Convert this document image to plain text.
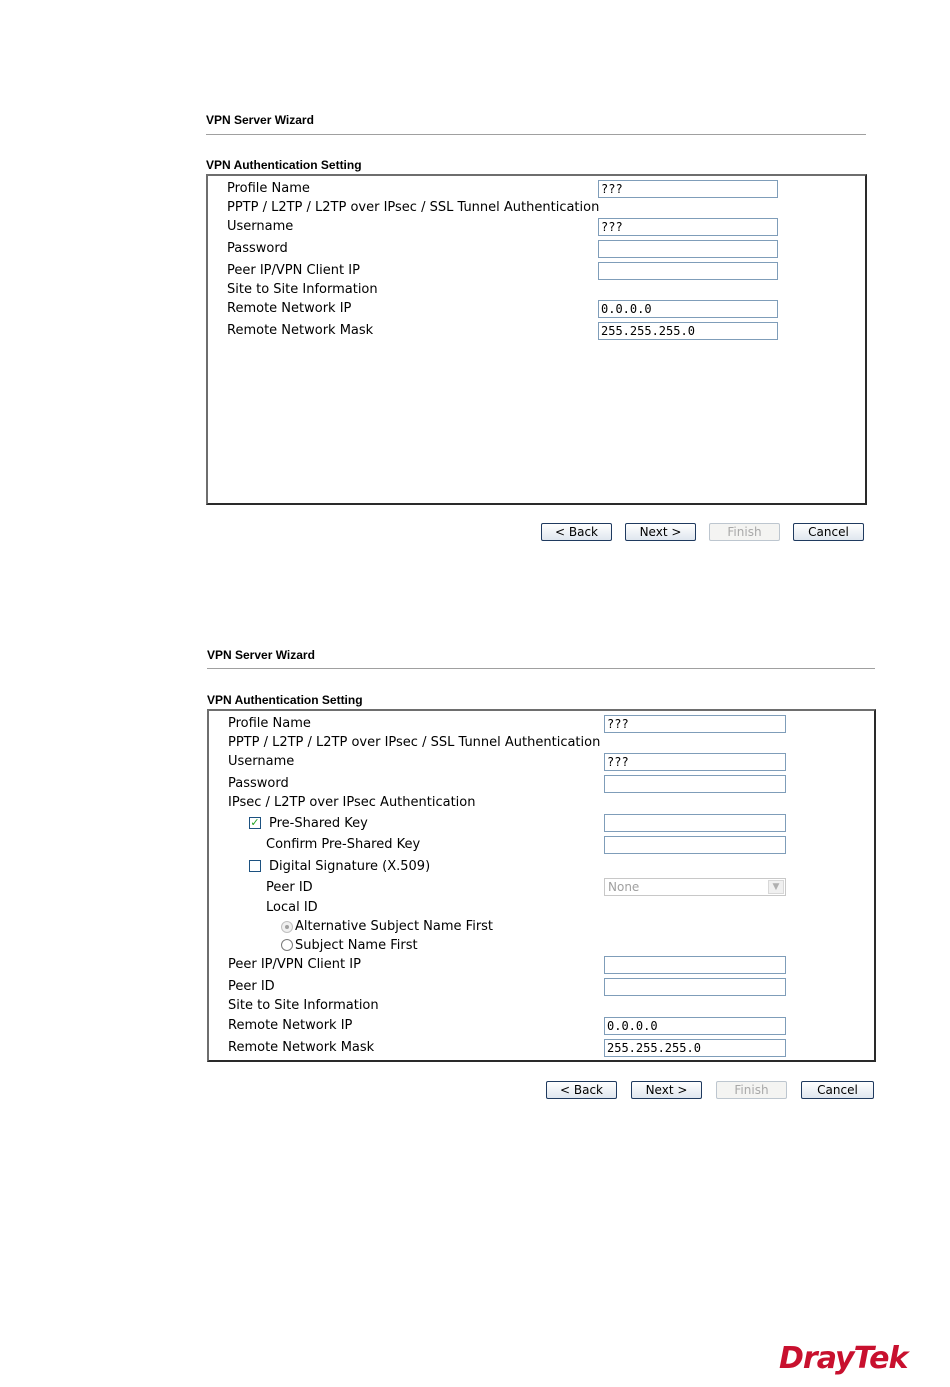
VPN Server Wizard
VPN Authentication Setting
Profile Name	???
PPTP / L2TP / L2TP over IPsec / SSL Tunnel Authentication
Username	???
Password
Peer IP/VPN Client IP
Site to Site Information
Remote Network IP	0.0.0.0
Remote Network Mask	255.255.255.0
< Back	Next >	Finish	Cancel
VPN Server Wizard
VPN Authentication Setting
Profile Name	???
PPTP / L2TP / L2TP over IPsec / SSL Tunnel Authentication
Username	???
Password
IPsec / L2TP over IPsec Authentication
✓ Pre-Shared Key
Confirm Pre-Shared Key
Digital Signature (X.509)
Peer ID	None	▼
Local ID
Alternative Subject Name First
Subject Name First
Peer IP/VPN Client IP
Peer ID
Site to Site Information
Remote Network IP	0.0.0.0
Remote Network Mask	255.255.255.0
< Back	Next >	Finish	Cancel
DrayTek
